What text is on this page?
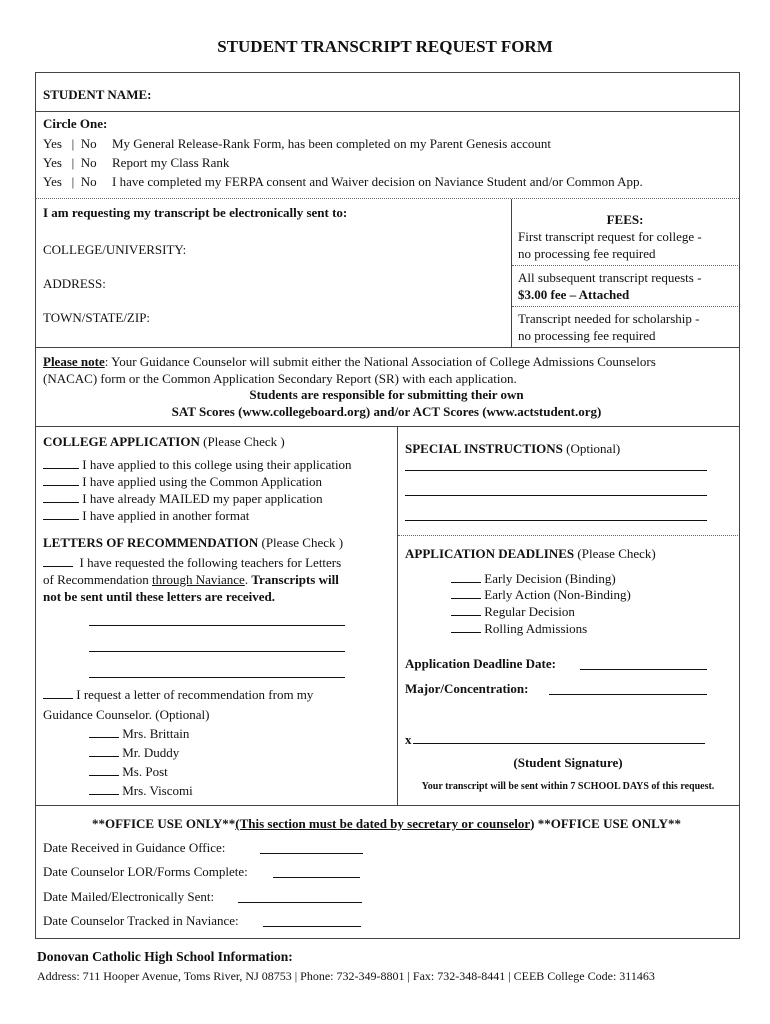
STUDENT TRANSCRIPT REQUEST FORM
STUDENT NAME:
Circle One:
Yes   |  No My General Release-Rank Form, has been completed on my Parent Genesis account
Yes   |  No Report my Class Rank
Yes   |  No I have completed my FERPA consent and Waiver decision on Naviance Student and/or Common App.
I am requesting my transcript be electronically sent to:
COLLEGE/UNIVERSITY:
ADDRESS:
TOWN/STATE/ZIP:
FEES:
First transcript request for college -
no processing fee required
All subsequent transcript requests -
$3.00 fee – Attached
Transcript needed for scholarship -
no processing fee required
Please note: Your Guidance Counselor will submit either the National Association of College Admissions Counselors
(NACAC) form or the Common Application Secondary Report (SR) with each application.
Students are responsible for submitting their own
SAT Scores (www.collegeboard.org) and/or ACT Scores (www.actstudent.org)
COLLEGE APPLICATION (Please Check )
I have applied to this college using their application
I have applied using the Common Application
I have already MAILED my paper application
I have applied in another format
LETTERS OF RECOMMENDATION (Please Check )
I have requested the following teachers for Letters
of Recommendation through Naviance. Transcripts will
not be sent until these letters are received.
I request a letter of recommendation from my
Guidance Counselor. (Optional)
Mrs. Brittain
Mr. Duddy
Ms. Post
Mrs. Viscomi
SPECIAL INSTRUCTIONS (Optional)
APPLICATION DEADLINES (Please Check)
Early Decision (Binding)
Early Action (Non-Binding)
Regular Decision
Rolling Admissions
Application Deadline Date:
Major/Concentration:
x
(Student Signature)
Your transcript will be sent within 7 SCHOOL DAYS of this request.
**OFFICE USE ONLY**(This section must be dated by secretary or counselor) **OFFICE USE ONLY**
Date Received in Guidance Office:
Date Counselor LOR/Forms Complete:
Date Mailed/Electronically Sent:
Date Counselor Tracked in Naviance:
Donovan Catholic High School Information:
Address: 711 Hooper Avenue, Toms River, NJ 08753 | Phone: 732-349-8801 | Fax: 732-348-8441 | CEEB College Code: 311463
